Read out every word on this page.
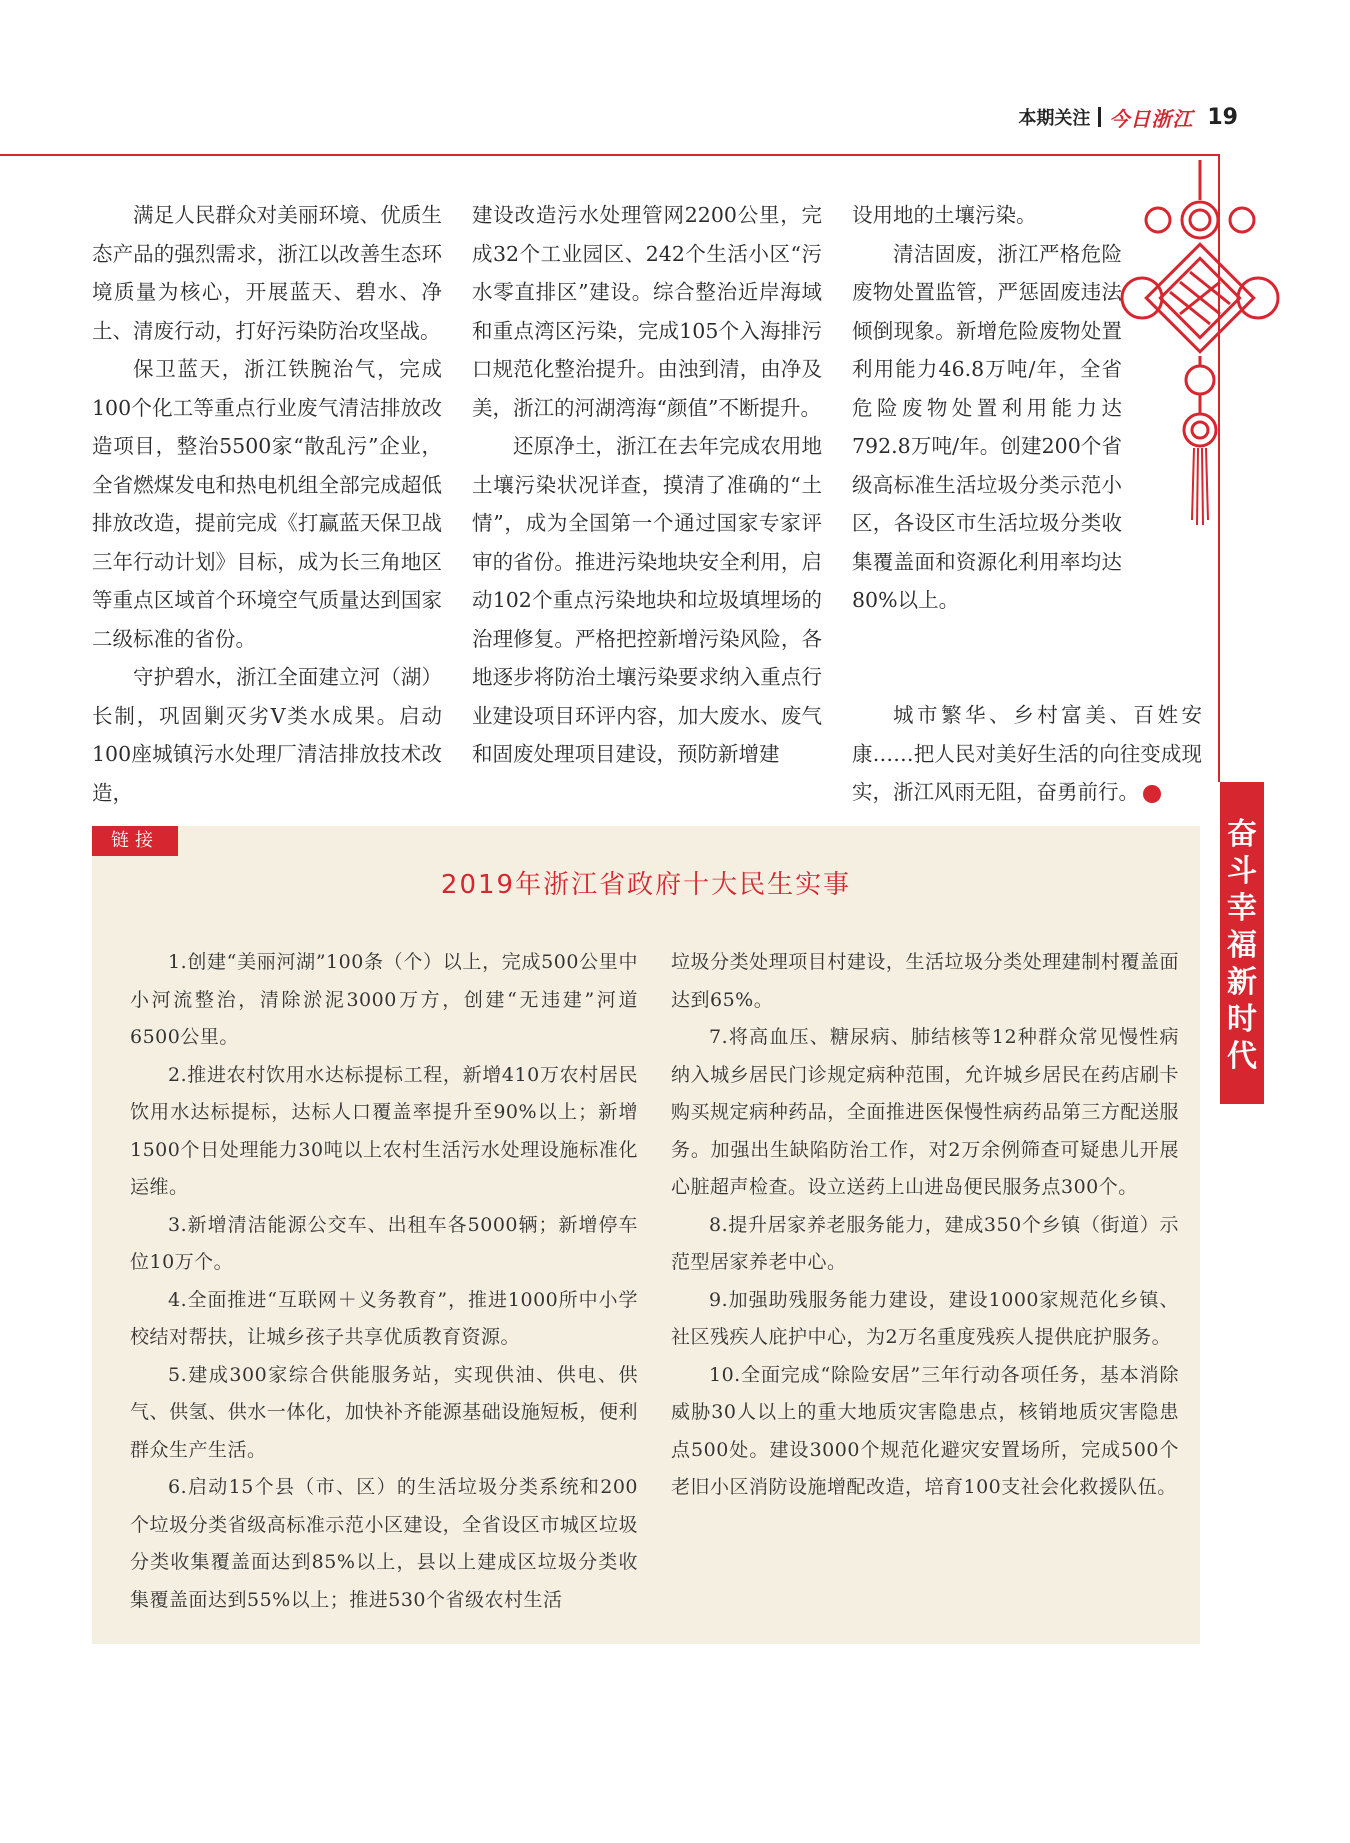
本期关注 今日浙江 19

满足人民群众对美丽环境、优质生态产品的强烈需求，浙江以改善生态环境质量为核心，开展蓝天、碧水、净土、清废行动，打好污染防治攻坚战。

保卫蓝天，浙江铁腕治气，完成100个化工等重点行业废气清洁排放改造项目，整治5500家“散乱污”企业，全省燃煤发电和热电机组全部完成超低排放改造，提前完成《打赢蓝天保卫战三年行动计划》目标，成为长三角地区等重点区域首个环境空气质量达到国家二级标准的省份。

守护碧水，浙江全面建立河（湖）长制，巩固剿灭劣Ⅴ类水成果。启动100座城镇污水处理厂清洁排放技术改造，

建设改造污水处理管网2200公里，完成32个工业园区、242个生活小区“污水零直排区”建设。综合整治近岸海域和重点湾区污染，完成105个入海排污口规范化整治提升。由浊到清，由净及美，浙江的河湖湾海“颜值”不断提升。

还原净土，浙江在去年完成农用地土壤污染状况详查，摸清了准确的“土情”，成为全国第一个通过国家专家评审的省份。推进污染地块安全利用，启动102个重点污染地块和垃圾填埋场的治理修复。严格把控新增污染风险，各地逐步将防治土壤污染要求纳入重点行业建设项目环评内容，加大废水、废气和固废处理项目建设，预防新增建

设用地的土壤污染。

清洁固废，浙江严格危险废物处置监管，严惩固废违法倾倒现象。新增危险废物处置利用能力46.8万吨/年，全省危险废物处置利用能力达792.8万吨/年。创建200个省级高标准生活垃圾分类示范小区，各设区市生活垃圾分类收集覆盖面和资源化利用率均达80%以上。

城市繁华、乡村富美、百姓安康……把人民对美好生活的向往变成现实，浙江风雨无阻，奋勇前行。	今

奋斗幸福新时代
链接
2019年浙江省政府十大民生实事

1.创建“美丽河湖”100条（个）以上，完成500公里中小河流整治，清除淤泥3000万方，创建“无违建”河道6500公里。

2.推进农村饮用水达标提标工程，新增410万农村居民饮用水达标提标，达标人口覆盖率提升至90%以上；新增1500个日处理能力30吨以上农村生活污水处理设施标准化运维。

3.新增清洁能源公交车、出租车各5000辆；新增停车位10万个。

4.全面推进“互联网＋义务教育”，推进1000所中小学校结对帮扶，让城乡孩子共享优质教育资源。

5.建成300家综合供能服务站，实现供油、供电、供气、供氢、供水一体化，加快补齐能源基础设施短板，便利群众生产生活。

6.启动15个县（市、区）的生活垃圾分类系统和200个垃圾分类省级高标准示范小区建设，全省设区市城区垃圾分类收集覆盖面达到85%以上，县以上建成区垃圾分类收集覆盖面达到55%以上；推进530个省级农村生活

垃圾分类处理项目村建设，生活垃圾分类处理建制村覆盖面达到65%。

7.将高血压、糖尿病、肺结核等12种群众常见慢性病纳入城乡居民门诊规定病种范围，允许城乡居民在药店刷卡购买规定病种药品，全面推进医保慢性病药品第三方配送服务。加强出生缺陷防治工作，对2万余例筛查可疑患儿开展心脏超声检查。设立送药上山进岛便民服务点300个。

8.提升居家养老服务能力，建成350个乡镇（街道）示范型居家养老中心。

9.加强助残服务能力建设，建设1000家规范化乡镇、社区残疾人庇护中心，为2万名重度残疾人提供庇护服务。

10.全面完成“除险安居”三年行动各项任务，基本消除威胁30人以上的重大地质灾害隐患点，核销地质灾害隐患点500处。建设3000个规范化避灾安置场所，完成500个老旧小区消防设施增配改造，培育100支社会化救援队伍。
